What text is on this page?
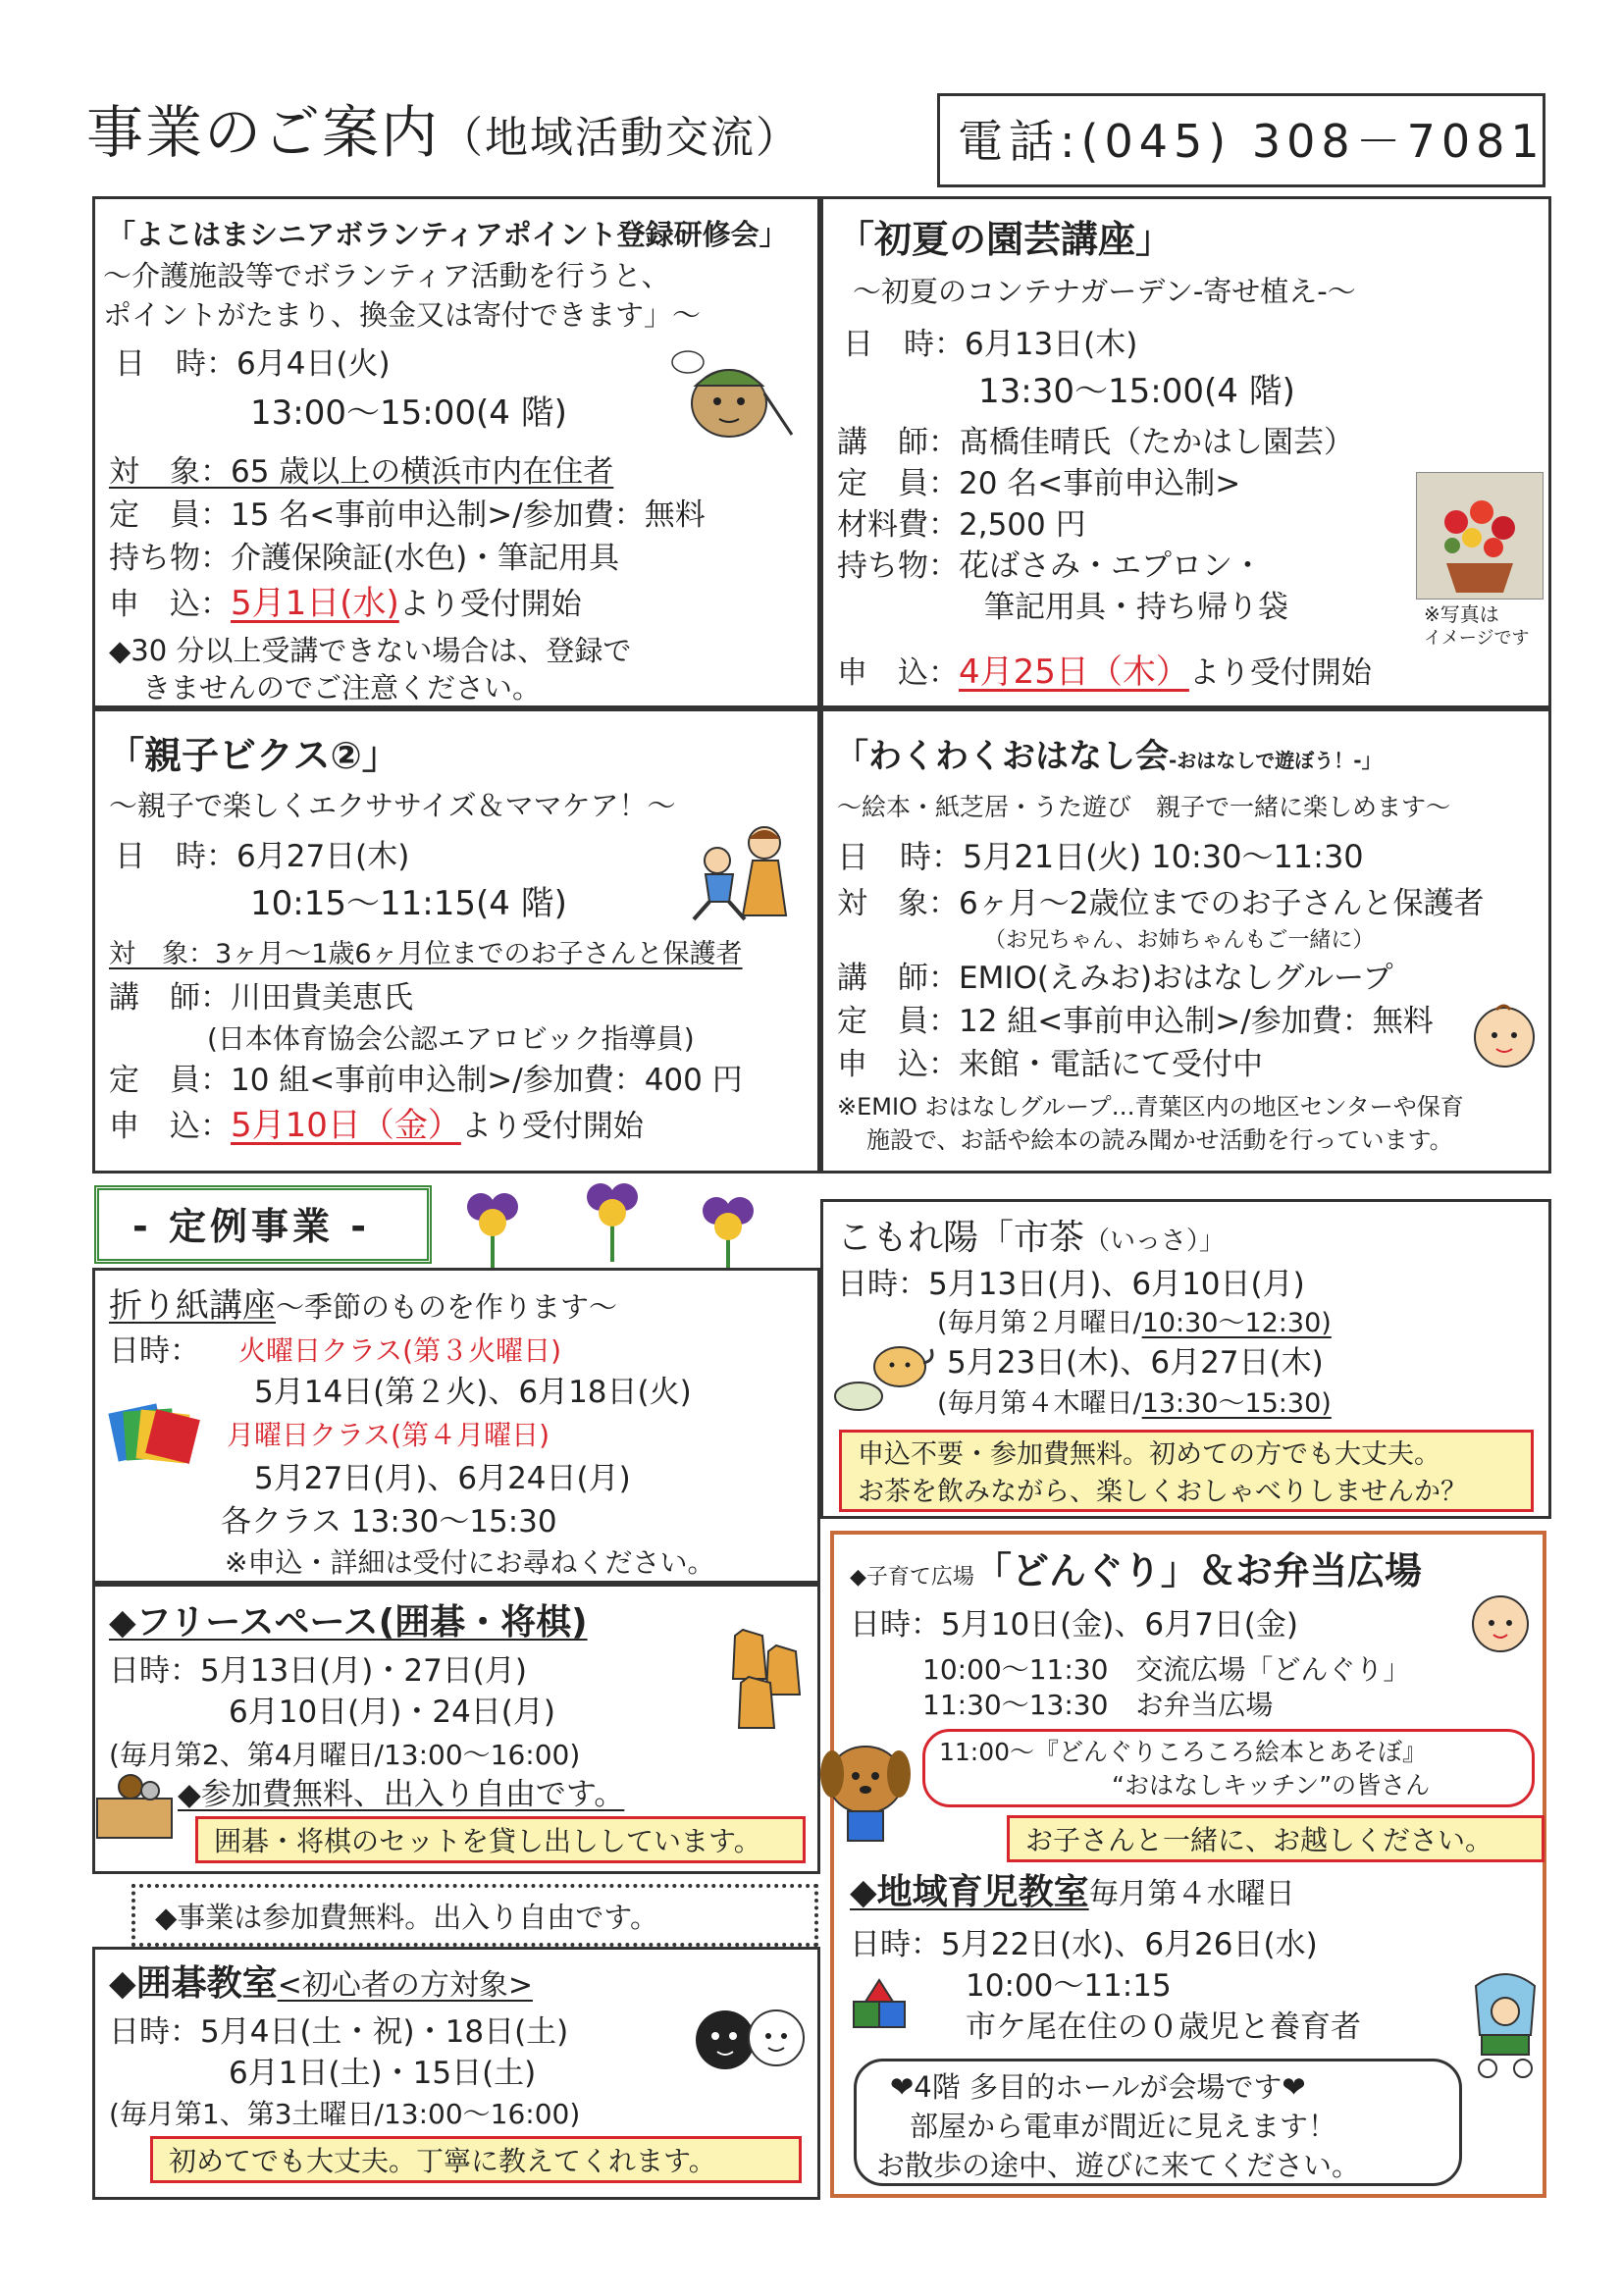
事業のご案内（地域活動交流）	電話:(045) 308－7081
「よこはまシニアボランティアポイント登録研修会」
～介護施設等でボランティア活動を行うと、
ポイントがたまり、換金又は寄付できます」～
日　時：6月4日(火)
13:00～15:00(4 階)
対　象：65 歳以上の横浜市内在住者
定　員：15 名<事前申込制>/参加費：無料
持ち物：介護保険証(水色)・筆記用具
申　込：5月1日(水)より受付開始
◆30 分以上受講できない場合は、登録で
きませんのでご注意ください。
「初夏の園芸講座」
～初夏のコンテナガーデン-寄せ植え-～
日　時：6月13日(木)
13:30～15:00(4 階)
講　師：髙橋佳晴氏（たかはし園芸）
定　員：20 名<事前申込制>
材料費：2,500 円
持ち物：花ばさみ・エプロン・
筆記用具・持ち帰り袋	※写真は
イメージです
申　込：4月25日（木）より受付開始
「親子ビクス②」
～親子で楽しくエクササイズ＆ママケア！～
日　時：6月27日(木)
10:15～11:15(4 階)
対　象：3ヶ月～1歳6ヶ月位までのお子さんと保護者
講　師：川田貴美恵氏
(日本体育協会公認エアロビック指導員)
定　員：10 組<事前申込制>/参加費：400 円
申　込：5月10日（金）より受付開始
「わくわくおはなし会-おはなしで遊ぼう！-」
～絵本・紙芝居・うた遊び　親子で一緒に楽しめます～
日　時：5月21日(火) 10:30～11:30
対　象：6ヶ月～2歳位までのお子さんと保護者
（お兄ちゃん、お姉ちゃんもご一緒に）
講　師：EMIO(えみお)おはなしグループ
定　員：12 組<事前申込制>/参加費：無料
申　込：来館・電話にて受付中
※EMIO おはなしグループ…青葉区内の地区センターや保育
施設で、お話や絵本の読み聞かせ活動を行っています。
- 定例事業 -
折り紙講座～季節のものを作ります～
日時： 火曜日クラス(第３火曜日)
5月14日(第２火)、6月18日(火)
月曜日クラス(第４月曜日)
5月27日(月)、6月24日(月)
各クラス 13:30～15:30
※申込・詳細は受付にお尋ねください。
◆フリースペース(囲碁・将棋)
日時：5月13日(月)・27日(月)
6月10日(月)・24日(月)
(毎月第2、第4月曜日/13:00～16:00)
◆参加費無料、出入り自由です。
囲碁・将棋のセットを貸し出ししています。
◆事業は参加費無料。出入り自由です。
◆囲碁教室<初心者の方対象>
日時：5月4日(土・祝)・18日(土)
6月1日(土)・15日(土)
(毎月第1、第3土曜日/13:00～16:00)
初めてでも大丈夫。丁寧に教えてくれます。
こもれ陽「市茶（いっさ）」
日時：5月13日(月)、6月10日(月)
(毎月第２月曜日/10:30～12:30)
5月23日(木)、6月27日(木)
(毎月第４木曜日/13:30～15:30)
申込不要・参加費無料。初めての方でも大丈夫。
お茶を飲みながら、楽しくおしゃべりしませんか？
◆子育て広場「どんぐり」＆お弁当広場
日時：5月10日(金)、6月7日(金)
10:00～11:30　交流広場「どんぐり」
11:30～13:30　お弁当広場
11:00～『どんぐりころころ絵本とあそぼ』
“おはなしキッチン”の皆さん
お子さんと一緒に、お越しください。
◆地域育児教室毎月第４水曜日
日時：5月22日(水)、6月26日(水)
10:00～11:15
市ケ尾在住の０歳児と養育者
❤4階 多目的ホールが会場です❤
部屋から電車が間近に見えます！
お散歩の途中、遊びに来てください。
